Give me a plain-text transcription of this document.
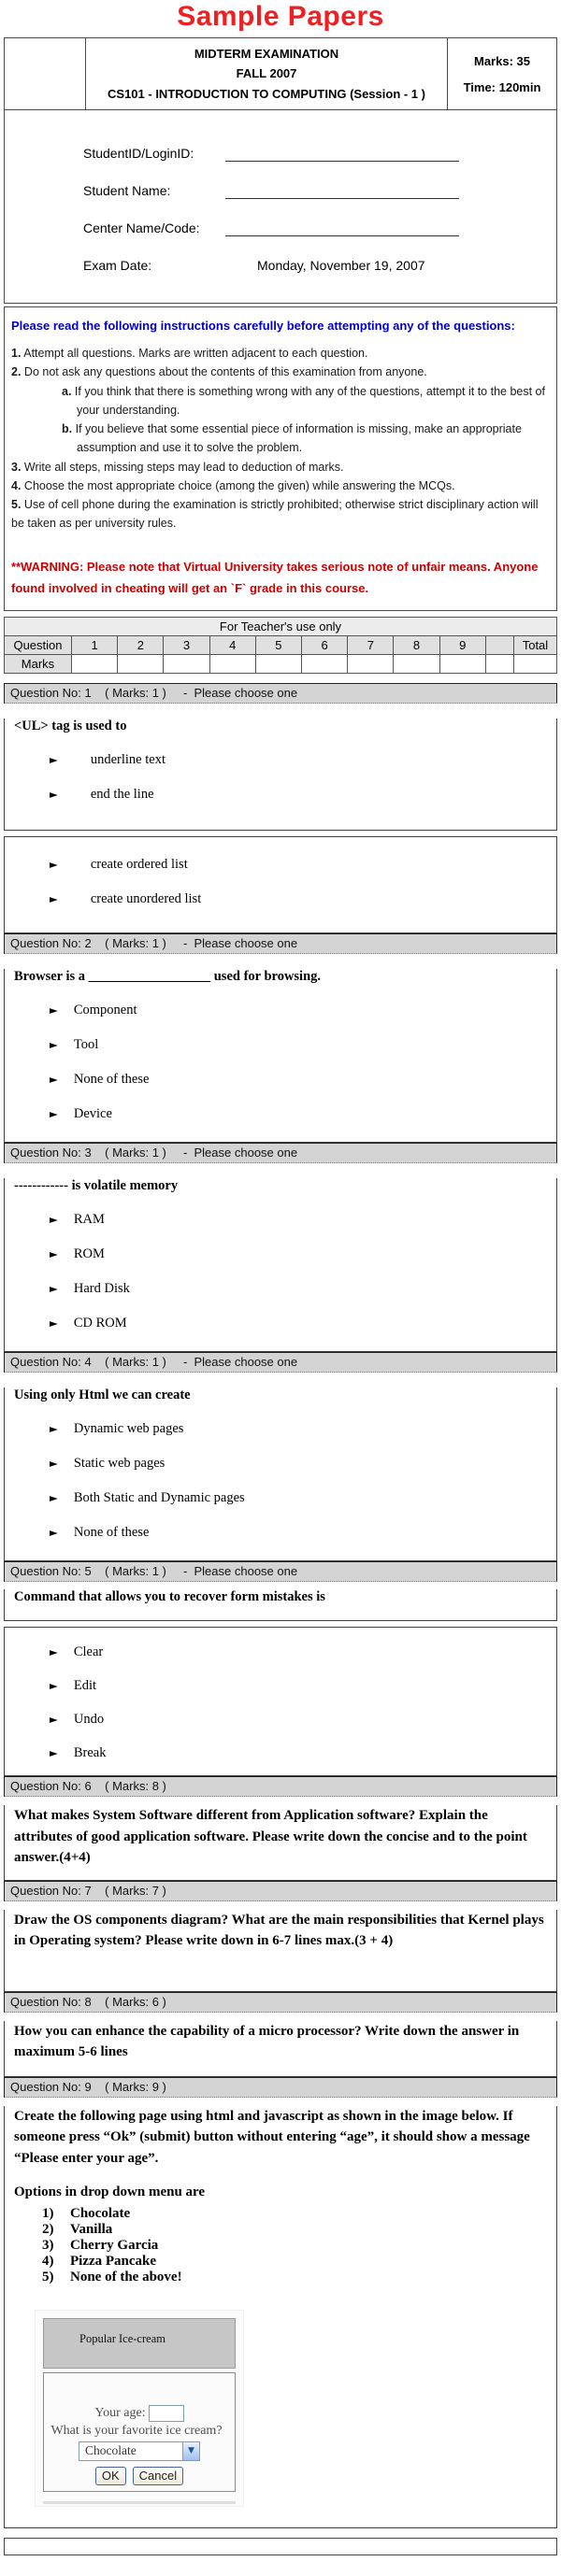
Sample Papers
MIDTERM EXAMINATION
FALL 2007
CS101 - INTRODUCTION TO COMPUTING (Session - 1 )
Marks: 35
Time: 120min
StudentID/LoginID:
Student Name:
Center Name/Code:
Exam Date:	Monday, November 19, 2007
Please read the following instructions carefully before attempting any of the questions:
1. Attempt all questions. Marks are written adjacent to each question.
2. Do not ask any questions about the contents of this examination from anyone.
a. If you think that there is something wrong with any of the questions, attempt it to the best of your understanding.
b. If you believe that some essential piece of information is missing, make an appropriate assumption and use it to solve the problem.
3. Write all steps, missing steps may lead to deduction of marks.
4. Choose the most appropriate choice (among the given) while answering the MCQs.
5. Use of cell phone during the examination is strictly prohibited; otherwise strict disciplinary action will be taken as per university rules.
**WARNING: Please note that Virtual University takes serious note of unfair means. Anyone found involved in cheating will get an `F` grade in this course.
For Teacher's use only											
Question	1	2	3	4	5	6	7	8	9		Total
Marks											
Question No: 1    ( Marks: 1 )     -  Please choose one
<UL> tag is used to
► underline text
► end the line
► create ordered list
► create unordered list
Question No: 2    ( Marks: 1 )     -  Please choose one
Browser is a __________________ used for browsing.
► Component
► Tool
► None of these
► Device
Question No: 3    ( Marks: 1 )     -  Please choose one
------------ is volatile memory
► RAM
► ROM
► Hard Disk
► CD ROM
Question No: 4    ( Marks: 1 )     -  Please choose one
Using only Html we can create
► Dynamic web pages
► Static web pages
► Both Static and Dynamic pages
► None of these
Question No: 5    ( Marks: 1 )     -  Please choose one
Command that allows you to recover form mistakes is
► Clear
► Edit
► Undo
► Break
Question No: 6    ( Marks: 8 )
What makes System Software different from Application software? Explain the attributes of good application software. Please write down the concise and to the point answer.(4+4)
Question No: 7    ( Marks: 7 )
Draw the OS components diagram? What are the main responsibilities that Kernel plays in Operating system? Please write down in 6-7 lines max.(3 + 4)
Question No: 8    ( Marks: 6 )
How you can enhance the capability of a micro processor? Write down the answer in maximum 5-6 lines
Question No: 9    ( Marks: 9 )
Create the following page using html and javascript as shown in the image below. If someone press “Ok” (submit) button without entering “age”, it should show a message “Please enter your age”.
Options in drop down menu are
1)	Chocolate
2)	Vanilla
3)	Cherry Garcia
4)	Pizza Pancake
5)	None of the above!
Popular Ice-cream
Your age:
What is your favorite ice cream?
Chocolate	▼
OK	Cancel
